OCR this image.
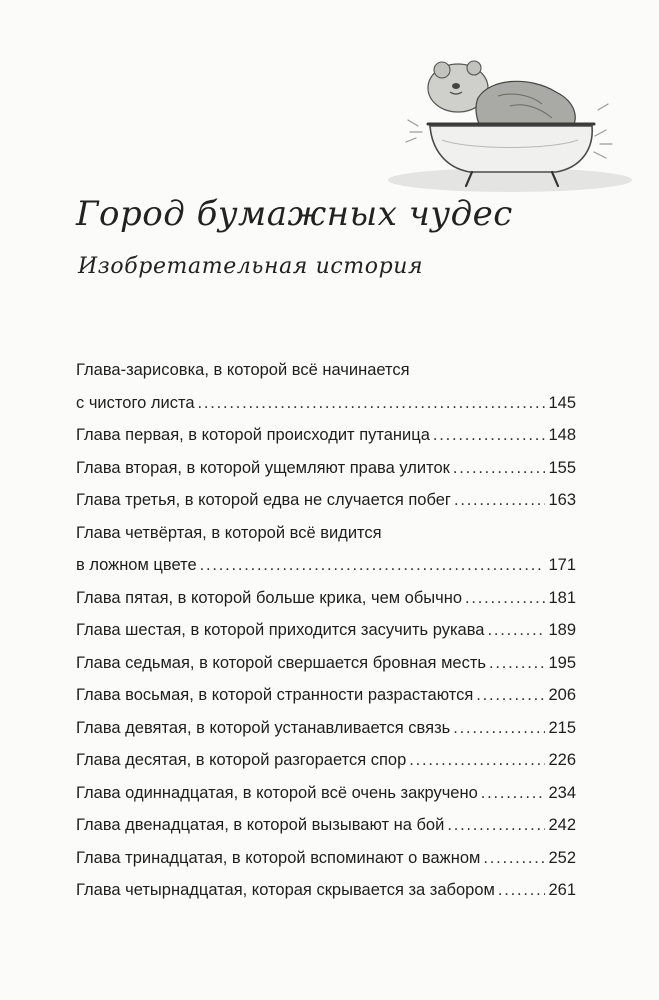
Город бумажных чудес
Изобретательная история
Глава-зарисовка, в которой всё начинается
с чистого листа . . .	145
Глава первая, в которой происходит путаница . . .	148
Глава вторая, в которой ущемляют права улиток . . .	155
Глава третья, в которой едва не случается побег . . .	163
Глава четвёртая, в которой всё видится
в ложном цвете . . .	171
Глава пятая, в которой больше крика, чем обычно . . .	181
Глава шестая, в которой приходится засучить рукава . . .	189
Глава седьмая, в которой свершается бровная месть . . .	195
Глава восьмая, в которой странности разрастаются . . .	206
Глава девятая, в которой устанавливается связь . . .	215
Глава десятая, в которой разгорается спор . . .	226
Глава одиннадцатая, в которой всё очень закручено . . .	234
Глава двенадцатая, в которой вызывают на бой . . .	242
Глава тринадцатая, в которой вспоминают о важном . . .	252
Глава четырнадцатая, которая скрывается за забором . . .	261
